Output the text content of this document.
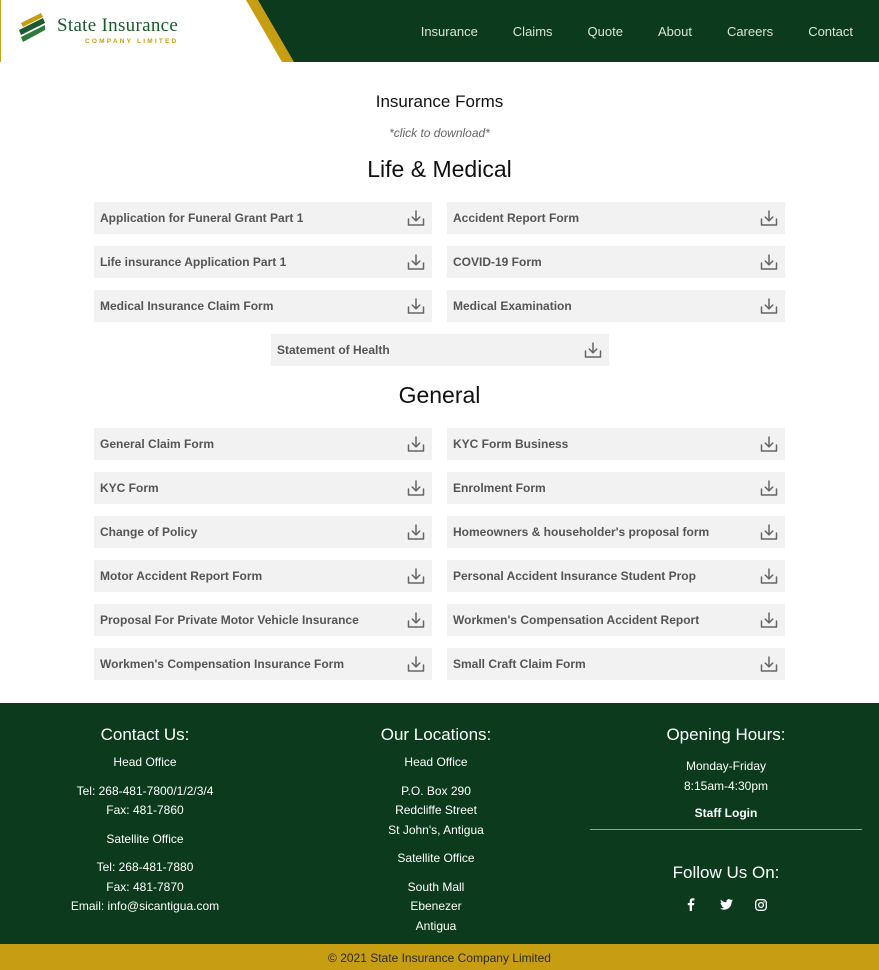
State Insurance
COMPANY LIMITED
Insurance	Claims	Quote	About	Careers	Contact
Insurance Forms
*click to download*
Life & Medical
Application for Funeral Grant Part 1	Accident Report Form
Life insurance Application Part 1	COVID-19 Form
Medical Insurance Claim Form	Medical Examination
Statement of Health
General Claim Form	KYC Form Business
KYC Form	Enrolment Form
Change of Policy	Homeowners & householder's proposal form
Motor Accident Report Form	Personal Accident Insurance Student Prop
Proposal For Private Motor Vehicle Insurance	Workmen's Compensation Accident Report
Workmen's Compensation Insurance Form	Small Craft Claim Form
General
Contact Us:

Head Office

Tel: 268-481-7800/1/2/3/4

Fax: 481-7860

Satellite Office

Tel: 268-481-7880

Fax: 481-7870

Email: info@sicantigua.com

Our Locations:

Head Office

P.O. Box 290

Redcliffe Street

St John's, Antigua

Satellite Office

South Mall

Ebenezer

Antigua

Opening Hours:

Monday-Friday

8:15am-4:30pm

Staff Login
Follow Us On:
© 2021 State Insurance Company Limited
